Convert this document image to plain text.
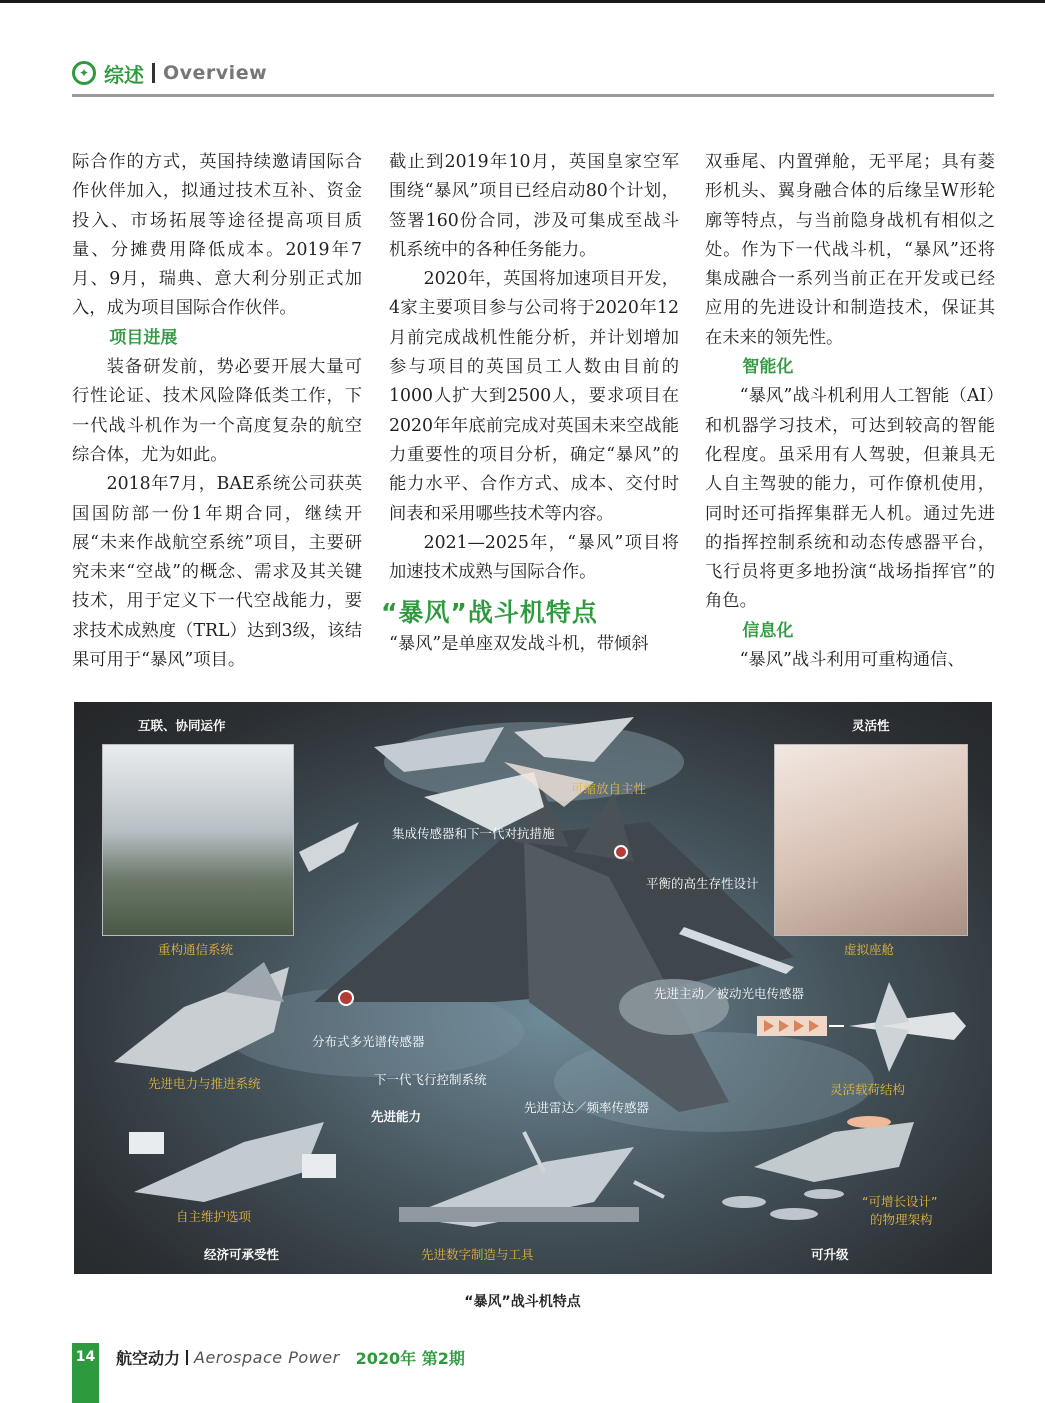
✦ 综述 Overview

际合作的方式，英国持续邀请国际合作伙伴加入，拟通过技术互补、资金投入、市场拓展等途径提高项目质量、分摊费用降低成本。2019年7月、9月，瑞典、意大利分别正式加入，成为项目国际合作伙伴。

项目进展

装备研发前，势必要开展大量可行性论证、技术风险降低类工作，下一代战斗机作为一个高度复杂的航空综合体，尤为如此。

2018年7月，BAE系统公司获英国国防部一份1年期合同，继续开展“未来作战航空系统”项目，主要研究未来“空战”的概念、需求及其关键技术，用于定义下一代空战能力，要求技术成熟度（TRL）达到3级，该结果可用于“暴风”项目。

截止到2019年10月，英国皇家空军围绕“暴风”项目已经启动80个计划，签署160份合同，涉及可集成至战斗机系统中的各种任务能力。

2020年，英国将加速项目开发，4家主要项目参与公司将于2020年12月前完成战机性能分析，并计划增加参与项目的英国员工人数由目前的1000人扩大到2500人，要求项目在2020年年底前完成对英国未来空战能力重要性的项目分析，确定“暴风”的能力水平、合作方式、成本、交付时间表和采用哪些技术等内容。

2021—2025年，“暴风”项目将加速技术成熟与国际合作。

“暴风”战斗机特点

“暴风”是单座双发战斗机，带倾斜

双垂尾、内置弹舱，无平尾；具有菱形机头、翼身融合体的后缘呈W形轮廓等特点，与当前隐身战机有相似之处。作为下一代战斗机，“暴风”还将集成融合一系列当前正在开发或已经应用的先进设计和制造技术，保证其在未来的领先性。

智能化

“暴风”战斗机利用人工智能（AI）和机器学习技术，可达到较高的智能化程度。虽采用有人驾驶，但兼具无人自主驾驶的能力，可作僚机使用，同时还可指挥集群无人机。通过先进的指挥控制系统和动态传感器平台，飞行员将更多地扮演“战场指挥官”的角色。

信息化

“暴风”战斗利用可重构通信、

互联、协同运作	灵活性
可缩放自主性
集成传感器和下一代对抗措施
平衡的高生存性设计
重构通信系统	虚拟座舱
先进主动／被动光电传感器
分布式多光谱传感器
先进电力与推进系统	灵活载荷结构
下一代飞行控制系统
先进能力
先进雷达／频率传感器
自主维护选项
“可增长设计”
的物理架构
经济可承受性	先进数字制造与工具	可升级
“暴风”战斗机特点
14 航空动力 Aerospace Power 2020年 第2期
